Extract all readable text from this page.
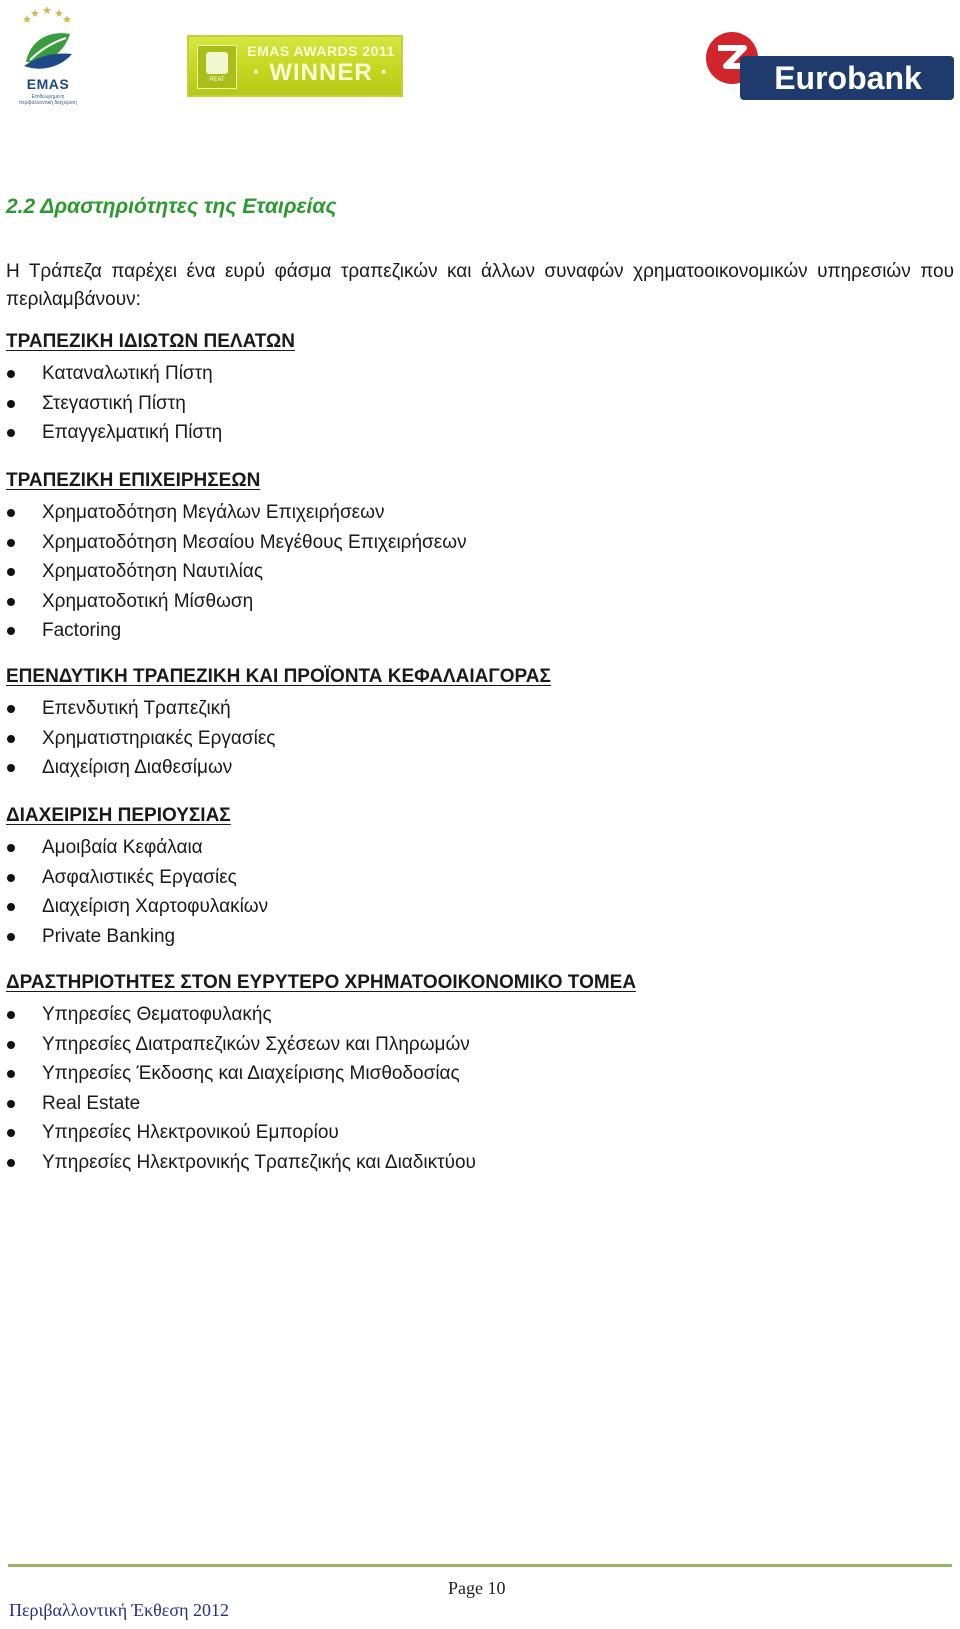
★
★ ★
★	★
EMAS
Επιθεωρημένη περιβαλλοντική διαχείριση
PEAT
EMAS AWARDS 2011
· WINNER ·	Eurobank
2.2 Δραστηριότητες της Εταιρείας

Η Τράπεζα παρέχει ένα ευρύ φάσμα τραπεζικών και άλλων συναφών χρηματοοικονομικών υπηρεσιών που περιλαμβάνουν:

ΤΡΑΠΕΖΙΚΗ ΙΔΙΩΤΩΝ ΠΕΛΑΤΩΝ
Καταναλωτική Πίστη
Στεγαστική Πίστη
Επαγγελματική Πίστη
ΤΡΑΠΕΖΙΚΗ ΕΠΙΧΕΙΡΗΣΕΩΝ
Χρηματοδότηση Μεγάλων Επιχειρήσεων
Χρηματοδότηση Μεσαίου Μεγέθους Επιχειρήσεων
Χρηματοδότηση Ναυτιλίας
Χρηματοδοτική Μίσθωση
Factoring
ΕΠΕΝΔΥΤΙΚΗ ΤΡΑΠΕΖΙΚΗ ΚΑΙ ΠΡΟΪΟΝΤΑ ΚΕΦΑΛΑΙΑΓΟΡΑΣ
Επενδυτική Τραπεζική
Χρηματιστηριακές Εργασίες
Διαχείριση Διαθεσίμων
ΔΙΑΧΕΙΡΙΣΗ ΠΕΡΙΟΥΣΙΑΣ
Αμοιβαία Κεφάλαια
Ασφαλιστικές Εργασίες
Διαχείριση Χαρτοφυλακίων
Private Banking
ΔΡΑΣΤΗΡΙΟΤΗΤΕΣ ΣΤΟΝ ΕΥΡΥΤΕΡΟ ΧΡΗΜΑΤΟΟΙΚΟΝΟΜΙΚΟ ΤΟΜΕΑ
Υπηρεσίες Θεματοφυλακής
Υπηρεσίες Διατραπεζικών Σχέσεων και Πληρωμών
Υπηρεσίες Έκδοσης και Διαχείρισης Μισθοδοσίας
Real Estate
Υπηρεσίες Ηλεκτρονικού Εμπορίου
Υπηρεσίες Ηλεκτρονικής Τραπεζικής και Διαδικτύου
Page 10
Περιβαλλοντική Έκθεση 2012
